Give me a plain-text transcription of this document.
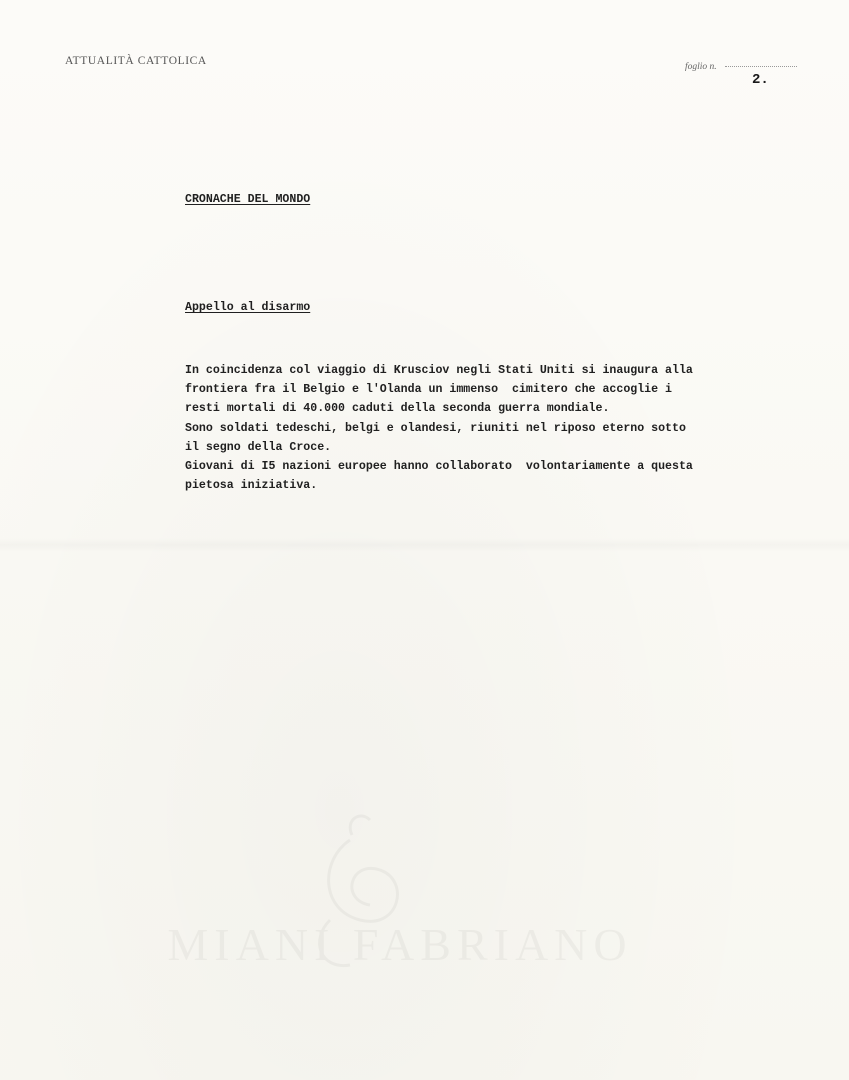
ATTUALITÀ CATTOLICA	foglio n.
2.
CRONACHE DEL MONDO
Appello al disarmo
In coincidenza col viaggio di Krusciov negli Stati Uniti si inaugura alla
frontiera fra il Belgio e l'Olanda un immenso  cimitero che accoglie i
resti mortali di 40.000 caduti della seconda guerra mondiale.
Sono soldati tedeschi, belgi e olandesi, riuniti nel riposo eterno sotto
il segno della Croce.
Giovani di I5 nazioni europee hanno collaborato  volontariamente a questa
pietosa iniziativa.
